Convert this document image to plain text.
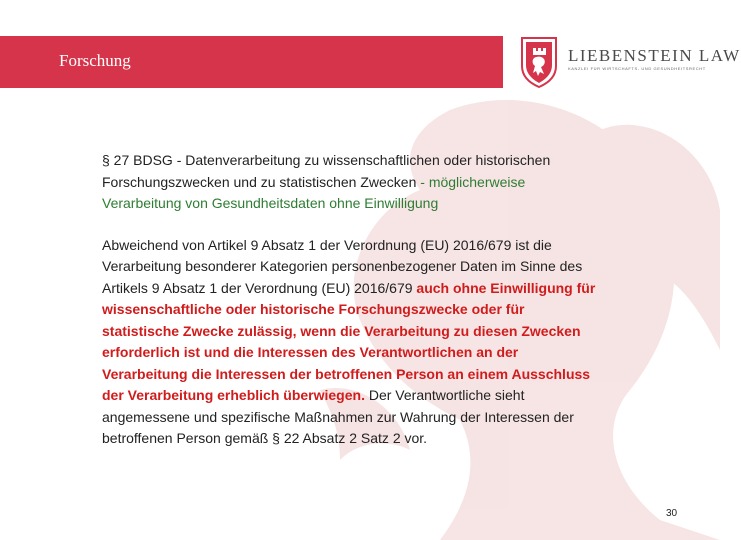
Forschung	LIEBENSTEIN LAW
KANZLEI FÜR WIRTSCHAFTS- UND GESUNDHEITSRECHT

§ 27 BDSG - Datenverarbeitung zu wissenschaftlichen oder historischen Forschungszwecken und zu statistischen Zwecken - möglicherweise Verarbeitung von Gesundheitsdaten ohne Einwilligung

Abweichend von Artikel 9 Absatz 1 der Verordnung (EU) 2016/679 ist die Verarbeitung besonderer Kategorien personenbezogener Daten im Sinne des Artikels 9 Absatz 1 der Verordnung (EU) 2016/679 auch ohne Einwilligung für wissenschaftliche oder historische Forschungszwecke oder für statistische Zwecke zulässig, wenn die Verarbeitung zu diesen Zwecken erforderlich ist und die Interessen des Verantwortlichen an der Verarbeitung die Interessen der betroffenen Person an einem Ausschluss der Verarbeitung erheblich überwiegen. Der Verantwortliche sieht angemessene und spezifische Maßnahmen zur Wahrung der Interessen der betroffenen Person gemäß § 22 Absatz 2 Satz 2 vor.

30
